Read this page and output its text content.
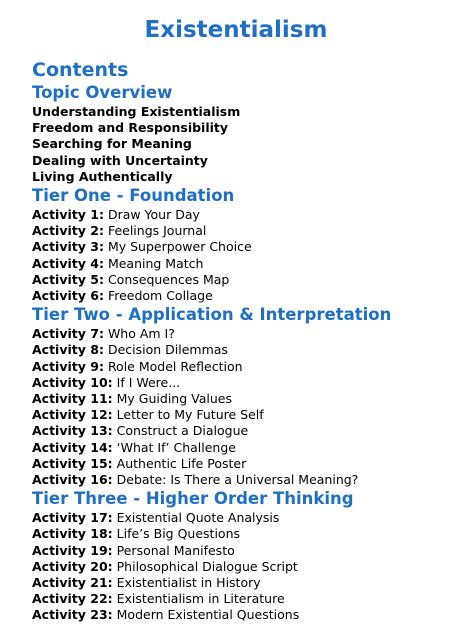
Existentialism
Contents
Topic Overview

Understanding Existentialism

Freedom and Responsibility

Searching for Meaning

Dealing with Uncertainty

Living Authentically

Tier One - Foundation

Activity 1: Draw Your Day

Activity 2: Feelings Journal

Activity 3: My Superpower Choice

Activity 4: Meaning Match

Activity 5: Consequences Map

Activity 6: Freedom Collage

Tier Two - Application & Interpretation

Activity 7: Who Am I?

Activity 8: Decision Dilemmas

Activity 9: Role Model Reflection

Activity 10: If I Were...

Activity 11: My Guiding Values

Activity 12: Letter to My Future Self

Activity 13: Construct a Dialogue

Activity 14: ‘What If’ Challenge

Activity 15: Authentic Life Poster

Activity 16: Debate: Is There a Universal Meaning?

Tier Three - Higher Order Thinking

Activity 17: Existential Quote Analysis

Activity 18: Life’s Big Questions

Activity 19: Personal Manifesto

Activity 20: Philosophical Dialogue Script

Activity 21: Existentialist in History

Activity 22: Existentialism in Literature

Activity 23: Modern Existential Questions
